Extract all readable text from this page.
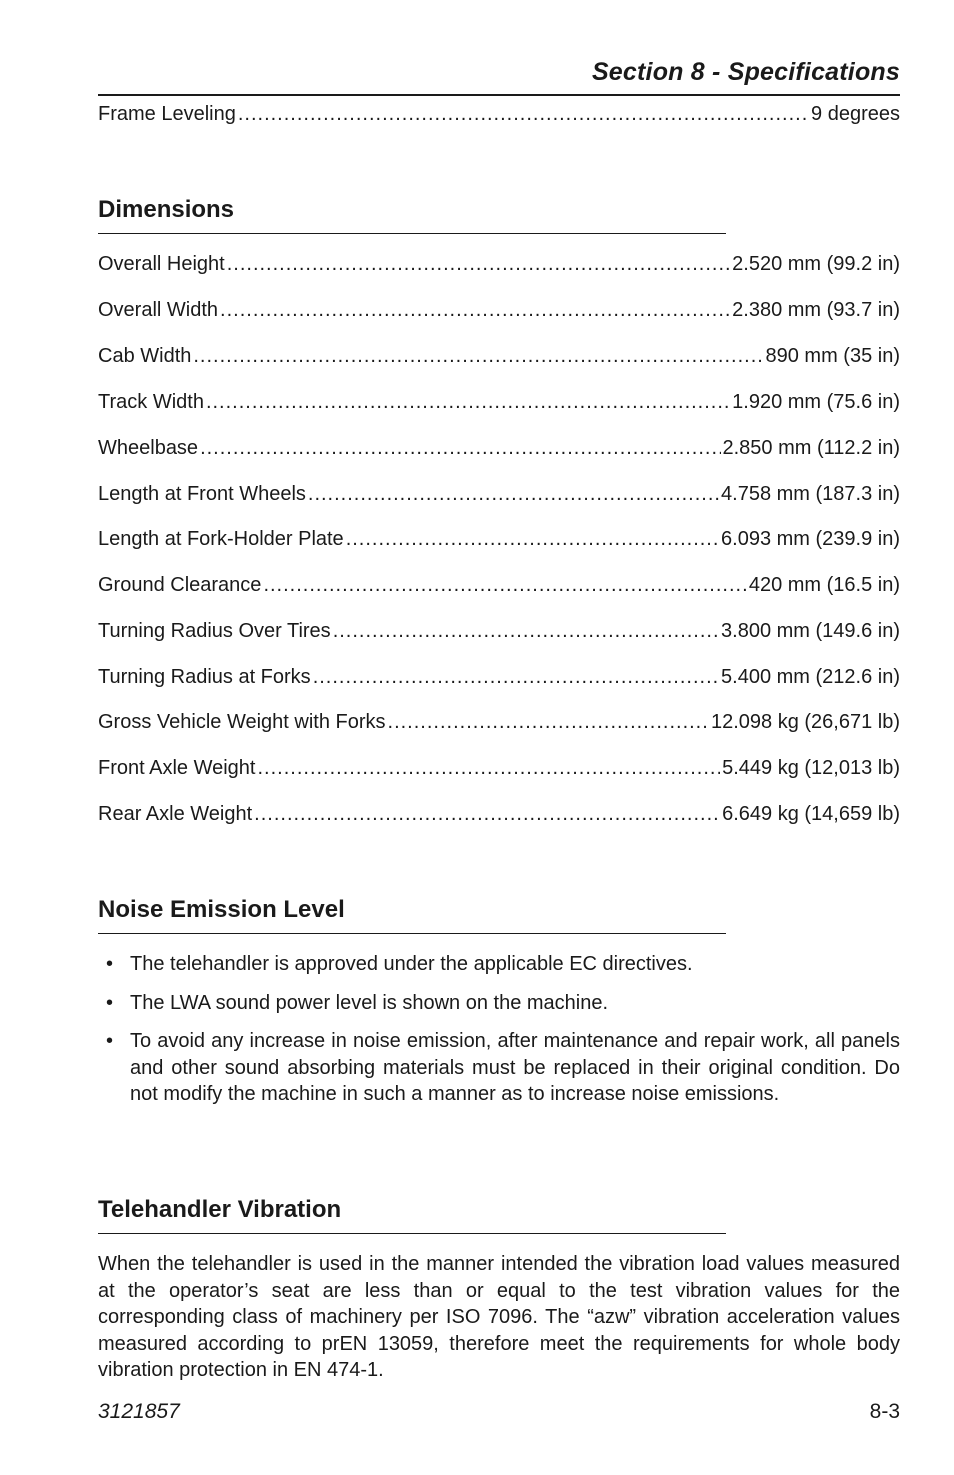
Section 8 - Specifications
Frame Leveling .....	9 degrees
Dimensions
Overall Height .....	2.520 mm (99.2 in)
Overall Width .....	2.380 mm (93.7 in)
Cab Width .....	890 mm (35 in)
Track Width .....	1.920 mm (75.6 in)
Wheelbase .....	2.850 mm (112.2 in)
Length at Front Wheels .....	4.758 mm (187.3 in)
Length at Fork-Holder Plate .....	6.093 mm (239.9 in)
Ground Clearance .....	420 mm (16.5 in)
Turning Radius Over Tires .....	3.800 mm (149.6 in)
Turning Radius at Forks .....	5.400 mm (212.6 in)
Gross Vehicle Weight with Forks .....	12.098 kg (26,671 lb)
Front Axle Weight .....	5.449 kg (12,013 lb)
Rear Axle Weight .....	6.649 kg (14,659 lb)
Noise Emission Level
• The telehandler is approved under the applicable EC directives.
• The LWA sound power level is shown on the machine.
• To avoid any increase in noise emission, after maintenance and repair work, all panels and other sound absorbing materials must be replaced in their original condition. Do not modify the machine in such a manner as to increase noise emissions.
Telehandler Vibration
When the telehandler is used in the manner intended the vibration load values measured at the operator’s seat are less than or equal to the test vibration values for the corresponding class of machinery per ISO 7096. The “azw” vibration acceleration values measured according to prEN 13059, therefore meet the requirements for whole body vibration protection in EN 474-1.
3121857	8-3
